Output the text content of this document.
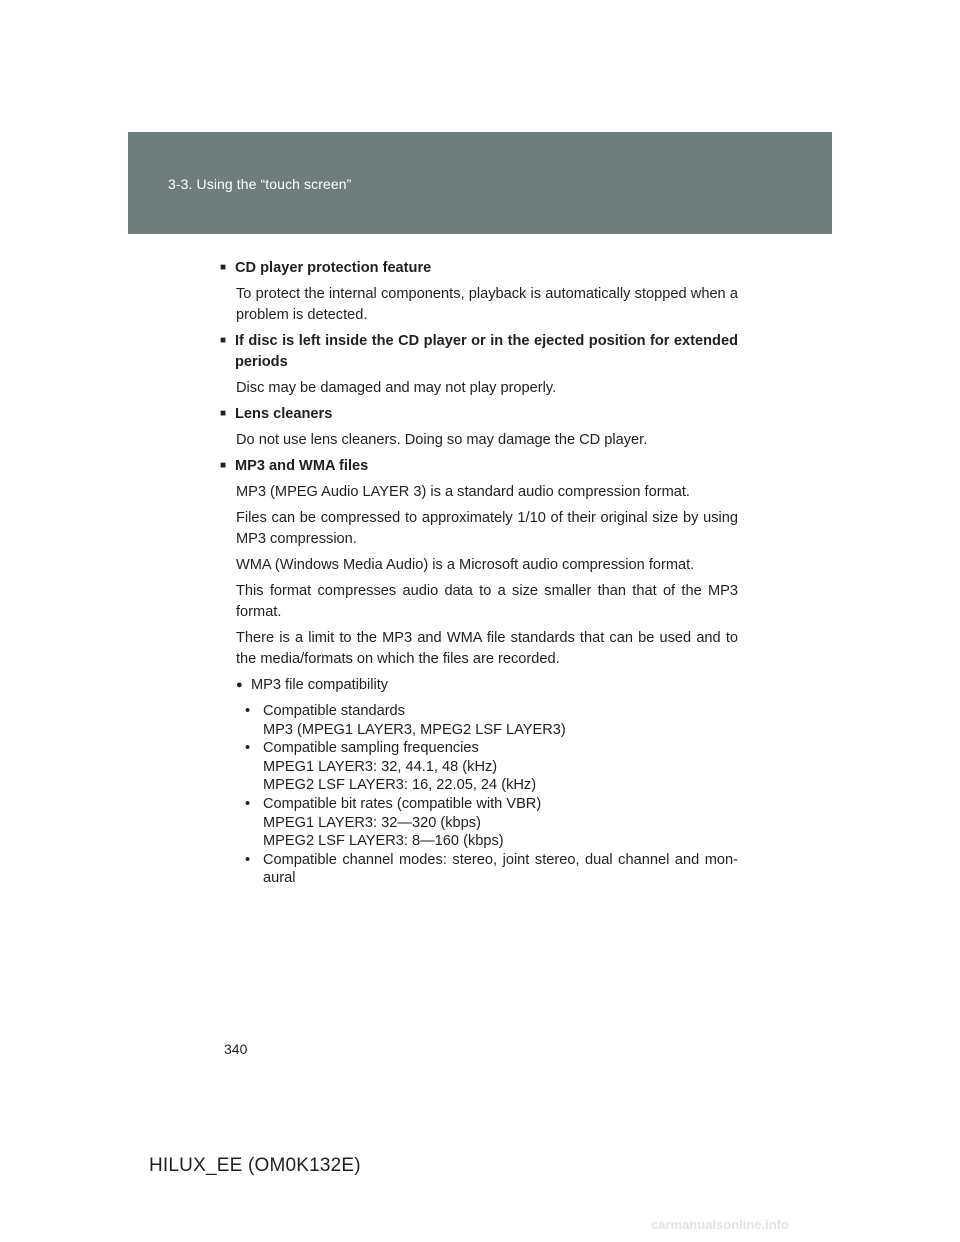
3-3. Using the “touch screen”
■ CD player protection feature

To protect the internal components, playback is automatically stopped when a problem is detected.

■ If disc is left inside the CD player or in the ejected position for extended periods

Disc may be damaged and may not play properly.

■ Lens cleaners

Do not use lens cleaners. Doing so may damage the CD player.

■ MP3 and WMA files

MP3 (MPEG Audio LAYER 3) is a standard audio compression format.

Files can be compressed to approximately 1/10 of their original size by using MP3 compression.

WMA (Windows Media Audio) is a Microsoft audio compression format.

This format compresses audio data to a size smaller than that of the MP3 format.

There is a limit to the MP3 and WMA file standards that can be used and to the media/formats on which the files are recorded.

● MP3 file compatibility
• Compatible standards
MP3 (MPEG1 LAYER3, MPEG2 LSF LAYER3)
• Compatible sampling frequencies
MPEG1 LAYER3: 32, 44.1, 48 (kHz)
MPEG2 LSF LAYER3: 16, 22.05, 24 (kHz)
• Compatible bit rates (compatible with VBR)
MPEG1 LAYER3: 32—320 (kbps)
MPEG2 LSF LAYER3: 8—160 (kbps)
• Compatible channel modes: stereo, joint stereo, dual channel and mon-aural
340
HILUX_EE (OM0K132E)
carmanualsonline.info
